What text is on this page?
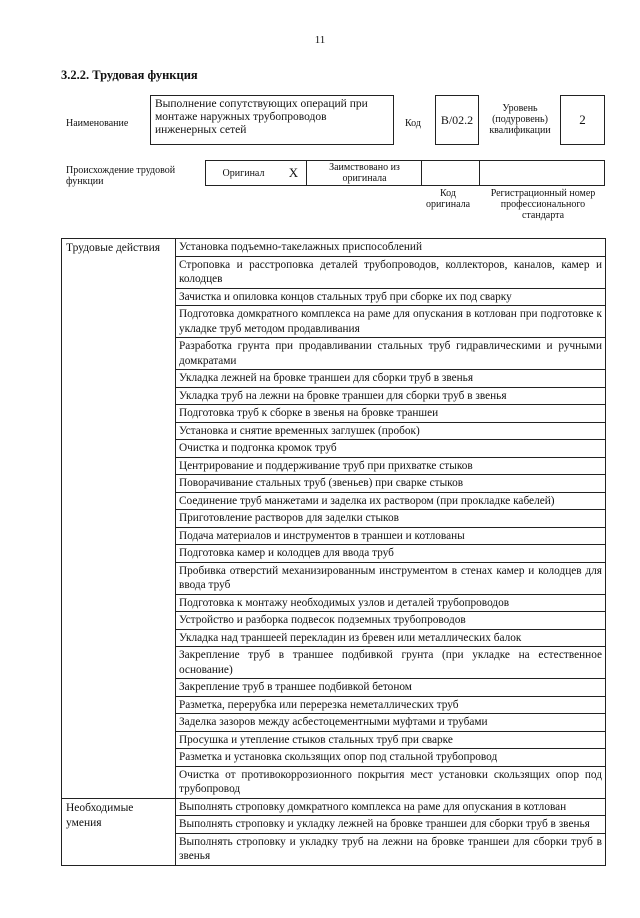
11
3.2.2. Трудовая функция
Наименование
Выполнение сопутствующих операций при монтаже наружных трубопроводов инженерных сетей
Код	B/02.2
Уровень (подуровень) квалификации
2
Происхождение трудовой функции
Оригинал	X	Заимствовано из оригинала
Код оригинала
Регистрационный номер профессионального стандарта
Трудовые действия	Установка подъемно-такелажных приспособлений
	Строповка и расстроповка деталей трубопроводов, коллекторов, каналов, камер и колодцев
	Зачистка и опиловка концов стальных труб при сборке их под сварку
	Подготовка домкратного комплекса на раме для опускания в котлован при подготовке к укладке труб методом продавливания
	Разработка грунта при продавливании стальных труб гидравлическими и ручными домкратами
	Укладка лежней на бровке траншеи для сборки труб в звенья
	Укладка труб на лежни на бровке траншеи для сборки труб в звенья
	Подготовка труб к сборке в звенья на бровке траншеи
	Установка и снятие временных заглушек (пробок)
	Очистка и подгонка кромок труб
	Центрирование и поддерживание труб при прихватке стыков
	Поворачивание стальных труб (звеньев) при сварке стыков
	Соединение труб манжетами и заделка их раствором (при прокладке кабелей)
	Приготовление растворов для заделки стыков
	Подача материалов и инструментов в траншеи и котлованы
	Подготовка камер и колодцев для ввода труб
	Пробивка отверстий механизированным инструментом в стенах камер и колодцев для ввода труб
	Подготовка к монтажу необходимых узлов и деталей трубопроводов
	Устройство и разборка подвесок подземных трубопроводов
	Укладка над траншеей перекладин из бревен или металлических балок
	Закрепление труб в траншее подбивкой грунта (при укладке на естественное основание)
	Закрепление труб в траншее подбивкой бетоном
	Разметка, перерубка или перерезка неметаллических труб
	Заделка зазоров между асбестоцементными муфтами и трубами
	Просушка и утепление стыков стальных труб при сварке
	Разметка и установка скользящих опор под стальной трубопровод
	Очистка от противокоррозионного покрытия мест установки скользящих опор под трубопровод
Необходимые умения	Выполнять строповку домкратного комплекса на раме для опускания в котлован
	Выполнять строповку и укладку лежней на бровке траншеи для сборки труб в звенья
	Выполнять строповку и укладку труб на лежни на бровке траншеи для сборки труб в звенья
